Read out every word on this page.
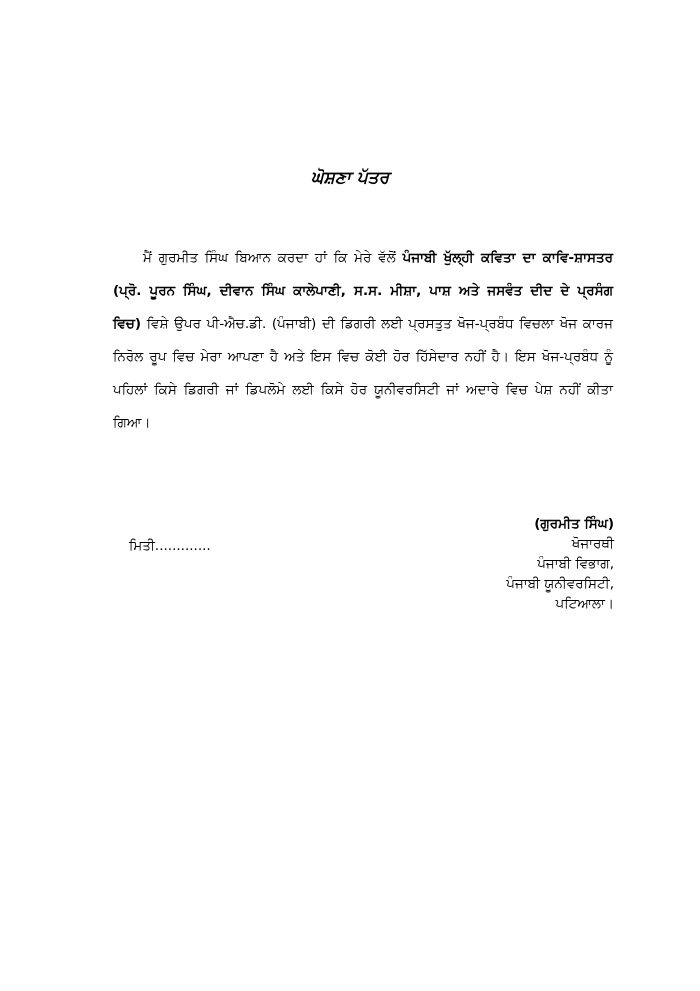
ਘੋਸ਼ਣਾ ਪੱਤਰ
ਮੈਂ ਗੁਰਮੀਤ ਸਿੰਘ ਬਿਆਨ ਕਰਦਾ ਹਾਂ ਕਿ ਮੇਰੇ ਵੱਲੋਂ ਪੰਜਾਬੀ ਖੁੱਲ੍ਹੀ ਕਵਿਤਾ ਦਾ ਕਾਵਿ-ਸ਼ਾਸਤਰ (ਪ੍ਰੋ. ਪੂਰਨ ਸਿੰਘ, ਦੀਵਾਨ ਸਿੰਘ ਕਾਲੇਪਾਣੀ, ਸ.ਸ. ਮੀਸ਼ਾ, ਪਾਸ਼ ਅਤੇ ਜਸਵੰਤ ਦੀਦ ਦੇ ਪ੍ਰਸੰਗ ਵਿਚ) ਵਿਸ਼ੇ ਉਪਰ ਪੀ-ਐਚ.ਡੀ. (ਪੰਜਾਬੀ) ਦੀ ਡਿਗਰੀ ਲਈ ਪ੍ਰਸਤੁਤ ਖੋਜ-ਪ੍ਰਬੰਧ ਵਿਚਲਾ ਖੋਜ ਕਾਰਜ ਨਿਰੋਲ ਰੂਪ ਵਿਚ ਮੇਰਾ ਆਪਣਾ ਹੈ ਅਤੇ ਇਸ ਵਿਚ ਕੋਈ ਹੋਰ ਹਿੱਸੇਦਾਰ ਨਹੀਂ ਹੈ। ਇਸ ਖੋਜ-ਪ੍ਰਬੰਧ ਨੂੰ ਪਹਿਲਾਂ ਕਿਸੇ ਡਿਗਰੀ ਜਾਂ ਡਿਪਲੋਮੇ ਲਈ ਕਿਸੇ ਹੋਰ ਯੂਨੀਵਰਸਿਟੀ ਜਾਂ ਅਦਾਰੇ ਵਿਚ ਪੇਸ਼ ਨਹੀਂ ਕੀਤਾ ਗਿਆ।
ਮਿਤੀ.............
(ਗੁਰਮੀਤ ਸਿੰਘ)
ਖੋਜਾਰਥੀ
ਪੰਜਾਬੀ ਵਿਭਾਗ,
ਪੰਜਾਬੀ ਯੂਨੀਵਰਸਿਟੀ,
ਪਟਿਆਲਾ।
